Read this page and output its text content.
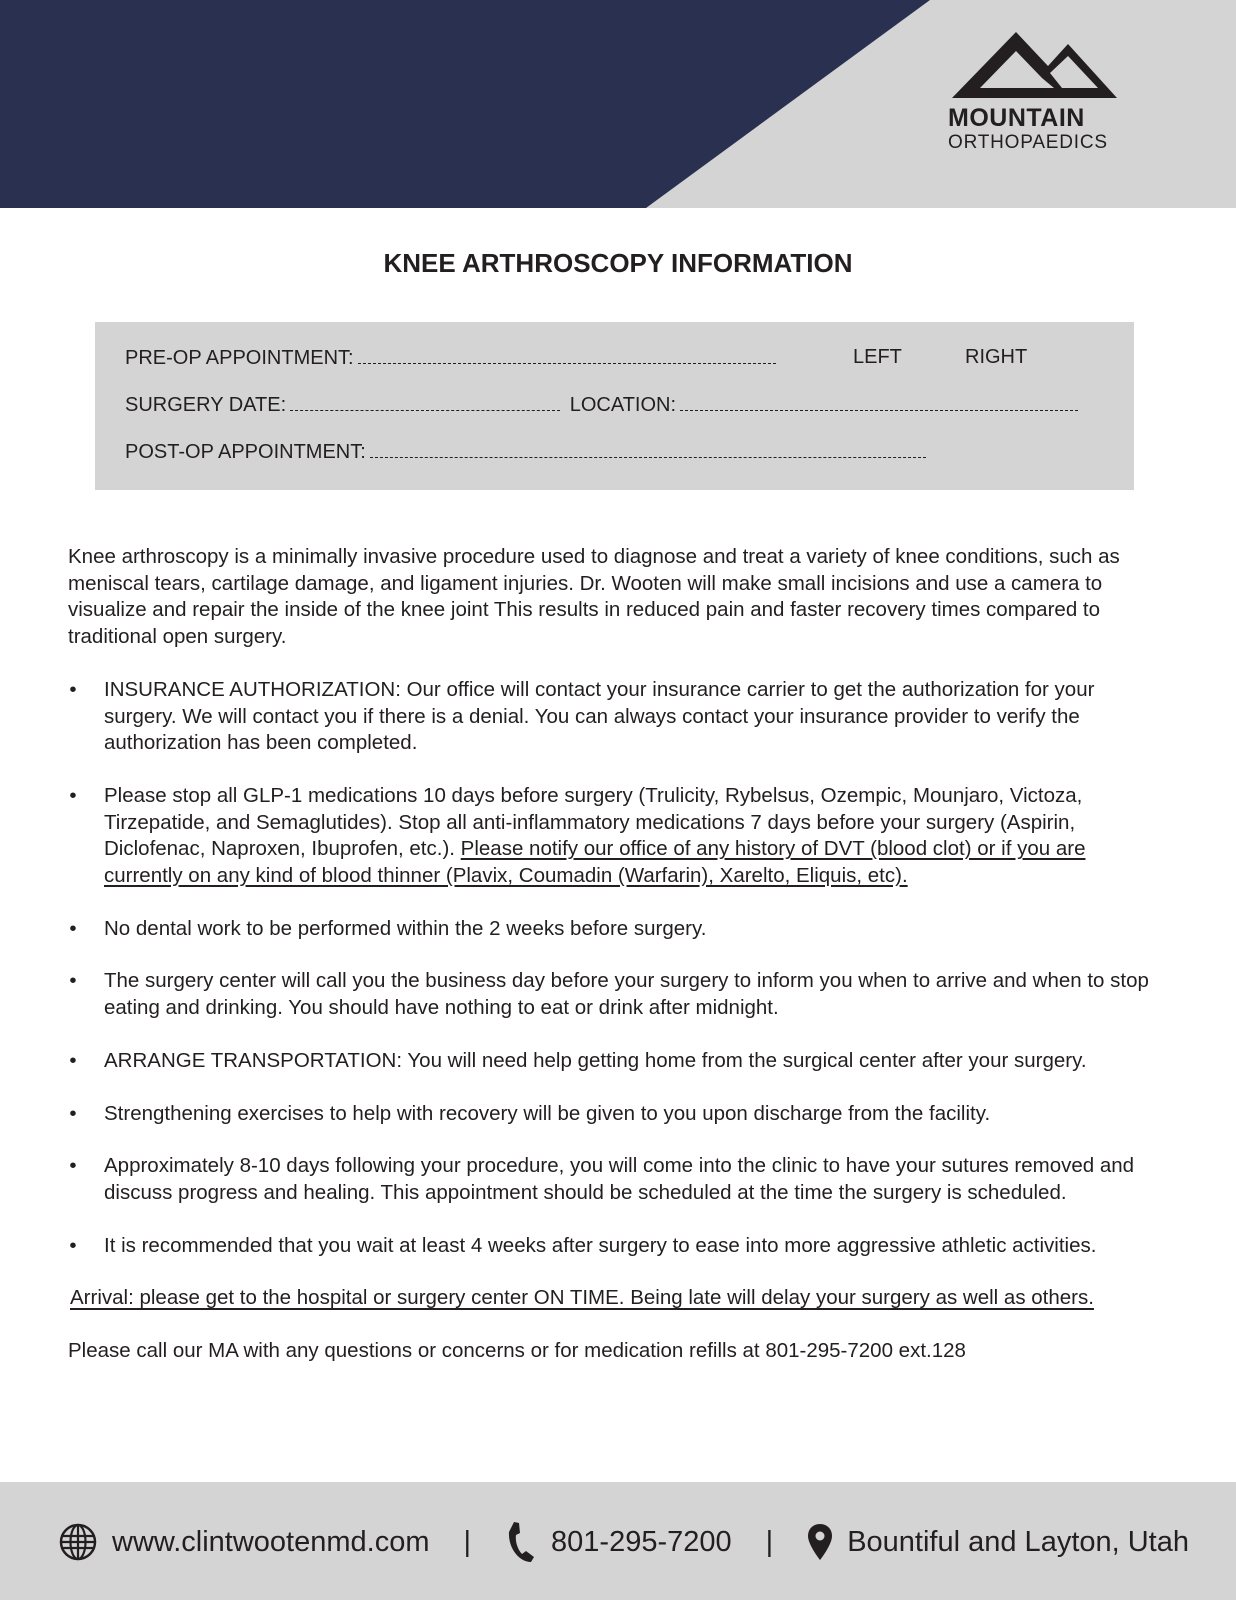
MOUNTAIN
ORTHOPAEDICS
KNEE ARTHROSCOPY INFORMATION
PRE-OP APPOINTMENT:	LEFT	RIGHT
SURGERY DATE:	LOCATION:
POST-OP APPOINTMENT:

Knee arthroscopy is a minimally invasive procedure used to diagnose and treat a variety of knee conditions, such as meniscal tears, cartilage damage, and ligament injuries. Dr. Wooten will make small incisions and use a camera to visualize and repair the inside of the knee joint This results in reduced pain and faster recovery times compared to traditional open surgery.

• INSURANCE AUTHORIZATION: Our office will contact your insurance carrier to get the authorization for your surgery. We will contact you if there is a denial. You can always contact your insurance provider to verify the authorization has been completed.
• Please stop all GLP-1 medications 10 days before surgery (Trulicity, Rybelsus, Ozempic, Mounjaro, Victoza, Tirzepatide, and Semaglutides). Stop all anti-inflammatory medications 7 days before your surgery (Aspirin, Diclofenac, Naproxen, Ibuprofen, etc.). Please notify our office of any history of DVT (blood clot) or if you are currently on any kind of blood thinner (Plavix, Coumadin (Warfarin), Xarelto, Eliquis, etc).
• No dental work to be performed within the 2 weeks before surgery.
• The surgery center will call you the business day before your surgery to inform you when to arrive and when to stop eating and drinking. You should have nothing to eat or drink after midnight.
• ARRANGE TRANSPORTATION: You will need help getting home from the surgical center after your surgery.
• Strengthening exercises to help with recovery will be given to you upon discharge from the facility.
• Approximately 8-10 days following your procedure, you will come into the clinic to have your sutures removed and discuss progress and healing. This appointment should be scheduled at the time the surgery is scheduled.
• It is recommended that you wait at least 4 weeks after surgery to ease into more aggressive athletic activities.

Arrival: please get to the hospital or surgery center ON TIME. Being late will delay your surgery as well as others.

Please call our MA with any questions or concerns or for medication refills at 801-295-7200 ext.128

www.clintwootenmd.com |	801-295-7200 |	Bountiful and Layton, Utah
